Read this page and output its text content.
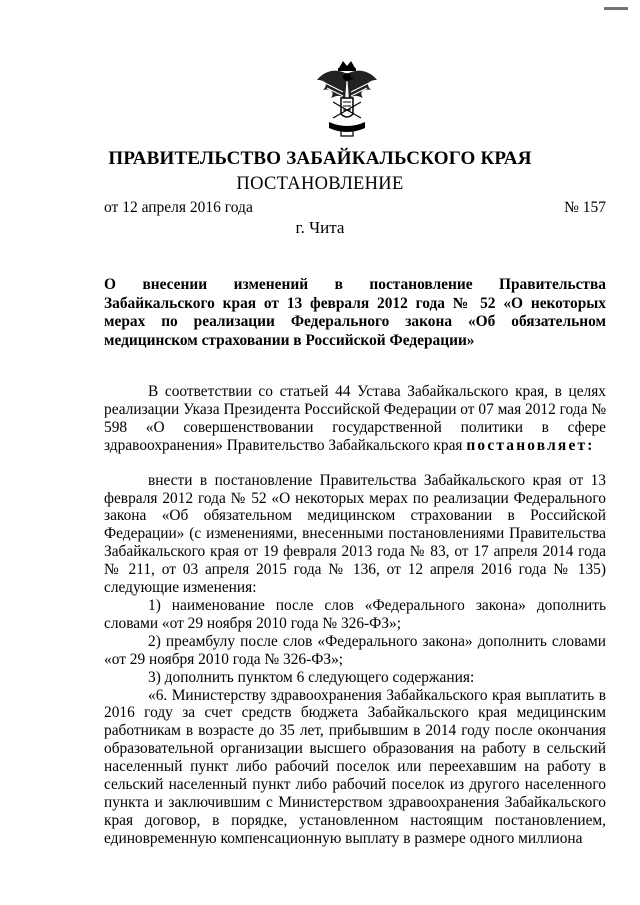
ПРАВИТЕЛЬСТВО ЗАБАЙКАЛЬСКОГО КРАЯ
ПОСТАНОВЛЕНИЕ
от 12 апреля 2016 года	№ 157
г. Чита
О внесении изменений в постановление Правительства Забайкальского края от 13 февраля 2012 года № 52 «О некоторых мерах по реализации Федерального закона «Об обязательном медицинском страховании в Российской Федерации»

В соответствии со статьей 44 Устава Забайкальского края, в целях реализации Указа Президента Российской Федерации от 07 мая 2012 года № 598 «О совершенствовании государственной политики в сфере здравоохранения» Правительство Забайкальского края постановляет:

внести в постановление Правительства Забайкальского края от 13 февраля 2012 года № 52 «О некоторых мерах по реализации Федерального закона «Об обязательном медицинском страховании в Российской Федерации» (с изменениями, внесенными постановлениями Правительства Забайкальского края от 19 февраля 2013 года № 83, от 17 апреля 2014 года № 211, от 03 апреля 2015 года № 136, от 12 апреля 2016 года № 135) следующие изменения:

1) наименование после слов «Федерального закона» дополнить словами «от 29 ноября 2010 года № 326-ФЗ»;

2) преамбулу после слов «Федерального закона» дополнить словами «от 29 ноября 2010 года № 326-ФЗ»;

3) дополнить пунктом 6 следующего содержания:

«6. Министерству здравоохранения Забайкальского края выплатить в 2016 году за счет средств бюджета Забайкальского края медицинским работникам в возрасте до 35 лет, прибывшим в 2014 году после окончания образовательной организации высшего образования на работу в сельский населенный пункт либо рабочий поселок или переехавшим на работу в сельский населенный пункт либо рабочий поселок из другого населенного пункта и заключившим с Министерством здравоохранения Забайкальского края договор, в порядке, установленном настоящим постановлением, единовременную компенсационную выплату в размере одного миллиона
